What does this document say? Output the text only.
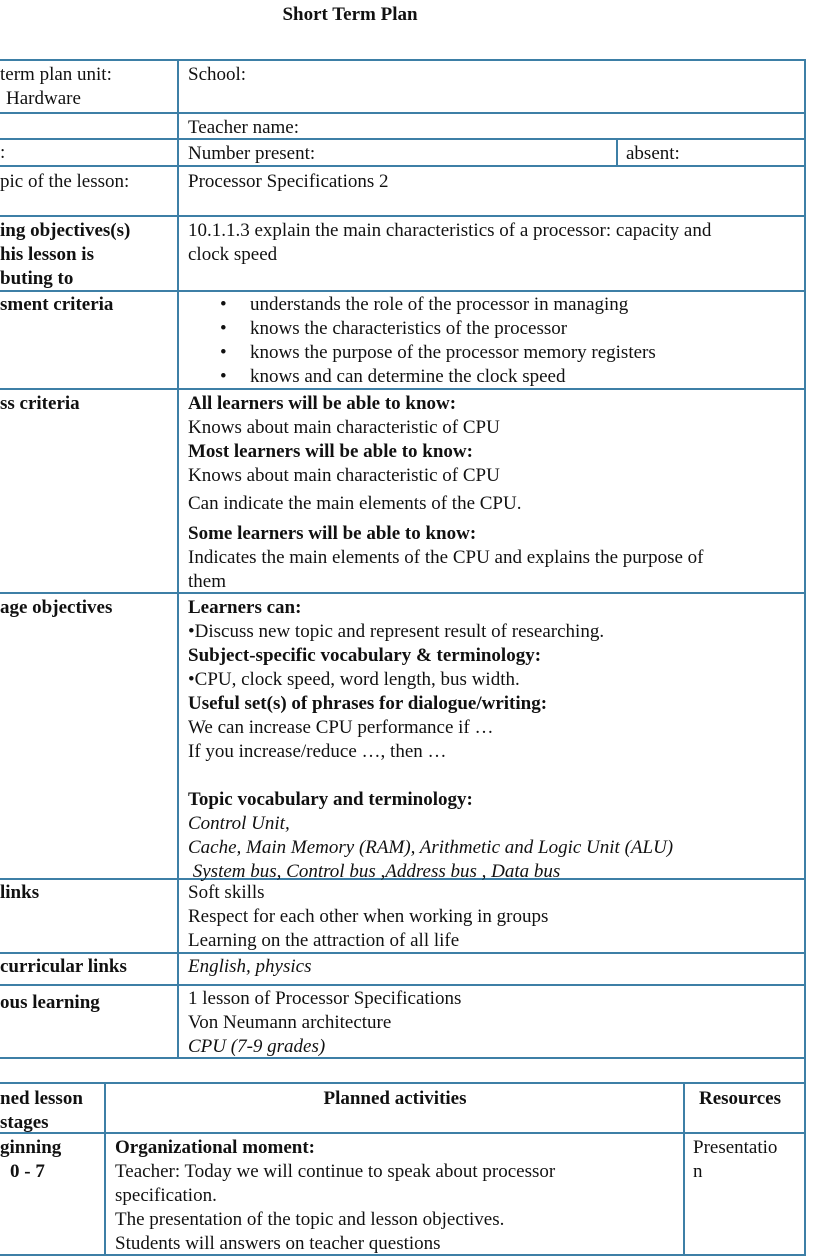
Short Term Plan
term plan unit:
Hardware
:
pic of the lesson:
ing objectives(s)
his lesson is
buting to
sment criteria
ss criteria
age objectives
links
curricular links
ous learning
School:
Teacher name:
Number present:	absent:
Processor Specifications 2
10.1.1.3 explain the main characteristics of a processor: capacity and
clock speed
• understands the role of the processor in managing
• knows the characteristics of the processor
• knows the purpose of the processor memory registers
• knows and can determine the clock speed
All learners will be able to know:
Knows about main characteristic of CPU
Most learners will be able to know:
Knows about main characteristic of CPU
Can indicate the main elements of the CPU.
Some learners will be able to know:
Indicates the main elements of the CPU and explains the purpose of
them
Learners can:
•Discuss new topic and represent result of researching.
Subject-specific vocabulary & terminology:
•CPU, clock speed, word length, bus width.
Useful set(s) of phrases for dialogue/writing:
We can increase CPU performance if …
If you increase/reduce …, then …
Topic vocabulary and terminology:
Control Unit,
Cache, Main Memory (RAM), Arithmetic and Logic Unit (ALU)
System bus, Control bus ,Address bus , Data bus
Soft skills
Respect for each other when working in groups
Learning on the attraction of all life
English, physics
1 lesson of Processor Specifications
Von Neumann architecture
CPU (7-9 grades)
ned lesson
stages
Planned activities	Resources
ginning
0 - 7
Organizational moment:
Teacher: Today we will continue to speak about processor
specification.
The presentation of the topic and lesson objectives.
Students will answers on teacher questions
Presentatio
n
